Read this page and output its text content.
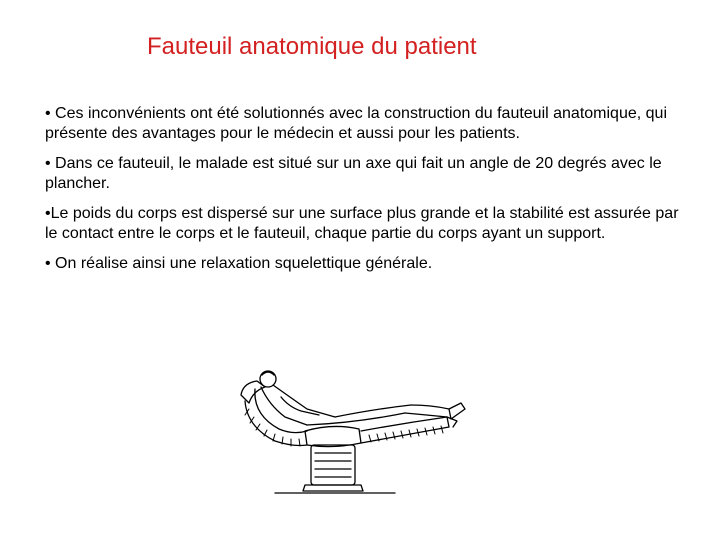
Fauteuil anatomique du patient
• Ces inconvénients ont été solutionnés avec la construction du fauteuil anatomique, qui présente des avantages pour le médecin et aussi pour les patients.
• Dans ce fauteuil, le malade est situé sur un axe qui fait un angle de 20 degrés avec le plancher.
•Le poids du corps est dispersé sur une surface plus grande et la stabilité est assurée par le contact entre le corps et le fauteuil, chaque partie du corps ayant un support.
• On réalise ainsi une relaxation squelettique générale.
